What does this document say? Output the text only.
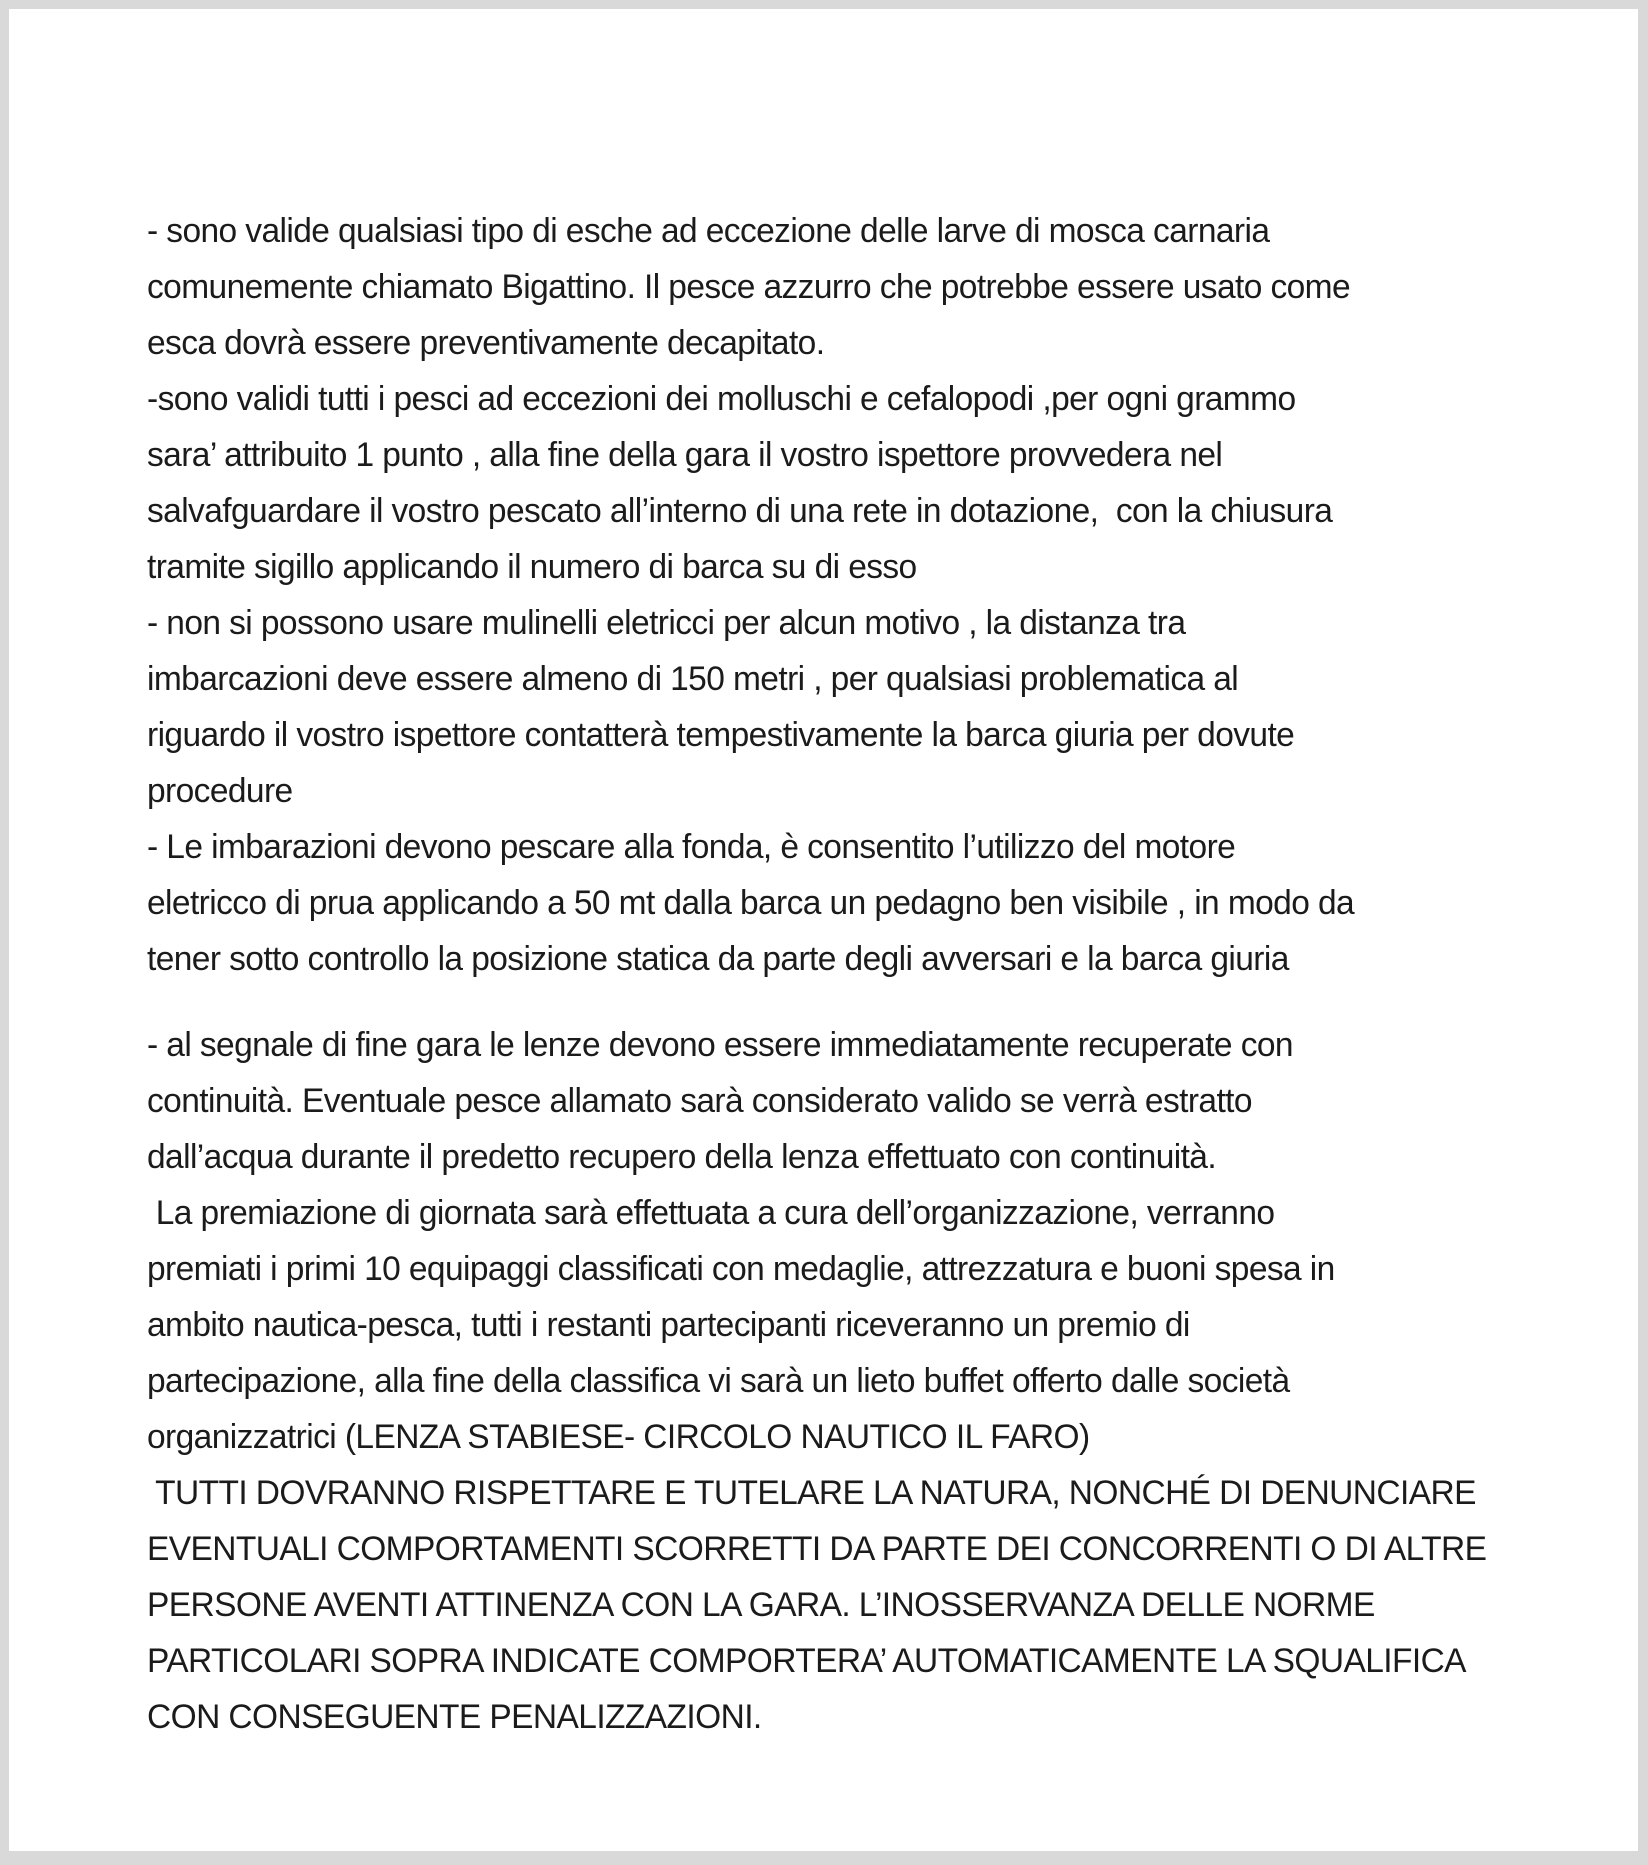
- sono valide qualsiasi tipo di esche ad eccezione delle larve di mosca carnaria
comunemente chiamato Bigattino. Il pesce azzurro che potrebbe essere usato come
esca dovrà essere preventivamente decapitato.
-sono validi tutti i pesci ad eccezioni dei molluschi e cefalopodi ,per ogni grammo
sara’ attribuito 1 punto , alla fine della gara il vostro ispettore provvedera nel
salvafguardare il vostro pescato all’interno di una rete in dotazione,  con la chiusura
tramite sigillo applicando il numero di barca su di esso
- non si possono usare mulinelli eletricci per alcun motivo , la distanza tra
imbarcazioni deve essere almeno di 150 metri , per qualsiasi problematica al
riguardo il vostro ispettore contatterà tempestivamente la barca giuria per dovute
procedure
- Le imbarazioni devono pescare alla fonda, è consentito l’utilizzo del motore
eletricco di prua applicando a 50 mt dalla barca un pedagno ben visibile , in modo da
tener sotto controllo la posizione statica da parte degli avversari e la barca giuria
- al segnale di fine gara le lenze devono essere immediatamente recuperate con
continuità. Eventuale pesce allamato sarà considerato valido se verrà estratto
dall’acqua durante il predetto recupero della lenza effettuato con continuità.
La premiazione di giornata sarà effettuata a cura dell’organizzazione, verranno
premiati i primi 10 equipaggi classificati con medaglie, attrezzatura e buoni spesa in
ambito nautica-pesca, tutti i restanti partecipanti riceveranno un premio di
partecipazione, alla fine della classifica vi sarà un lieto buffet offerto dalle società
organizzatrici (LENZA STABIESE- CIRCOLO NAUTICO IL FARO)
TUTTI DOVRANNO RISPETTARE E TUTELARE LA NATURA, NONCHÉ DI DENUNCIARE
EVENTUALI COMPORTAMENTI SCORRETTI DA PARTE DEI CONCORRENTI O DI ALTRE
PERSONE AVENTI ATTINENZA CON LA GARA. L’INOSSERVANZA DELLE NORME
PARTICOLARI SOPRA INDICATE COMPORTERA’ AUTOMATICAMENTE LA SQUALIFICA
CON CONSEGUENTE PENALIZZAZIONI.
